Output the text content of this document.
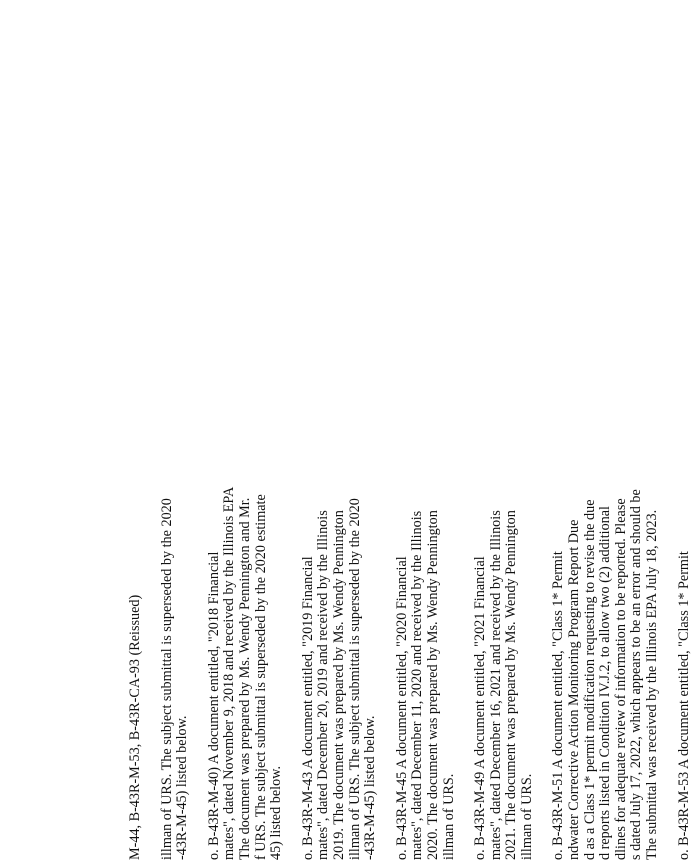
M-44, B-43R-M-53, B-43R-CA-93 (Reissued) illman of URS. The subject submittal is superseded by the 2020 -43R-M-45) listed below. o. B-43R-M-40) A document entitled, "2018 Financial mates", dated November 9, 2018 and received by the Illinois EPA The document was prepared by Ms. Wendy Pennington and Mr. f URS. The subject submittal is superseded by the 2020 estimate 45) listed below. o. B-43R-M-43 A document entitled, "2019 Financial mates", dated December 20, 2019 and received by the Illinois 2019. The document was prepared by Ms. Wendy Pennington illman of URS. The subject submittal is superseded by the 2020 -43R-M-45) listed below. o. B-43R-M-45 A document entitled, "2020 Financial mates", dated December 11, 2020 and received by the Illinois 2020. The document was prepared by Ms. Wendy Pennington illman of URS. o. B-43R-M-49 A document entitled, "2021 Financial mates", dated December 16, 2021 and received by the Illinois 2021. The document was prepared by Ms. Wendy Pennington illman of URS. o. B-43R-M-51 A document entitled, "Class 1* Permit ndwater Corrective Action Monitoring Program Report Due d as a Class 1* permit modification requesting to revise the due d reports listed in Condition IV.J.2, to allow two (2) additional dlines for adequate review of information to be reported. Please s dated July 17, 2022, which appears to be an error and should be The submittal was received by the Illinois EPA July 18, 2023. o. B-43R-M-53 A document entitled, "Class 1* Permit
